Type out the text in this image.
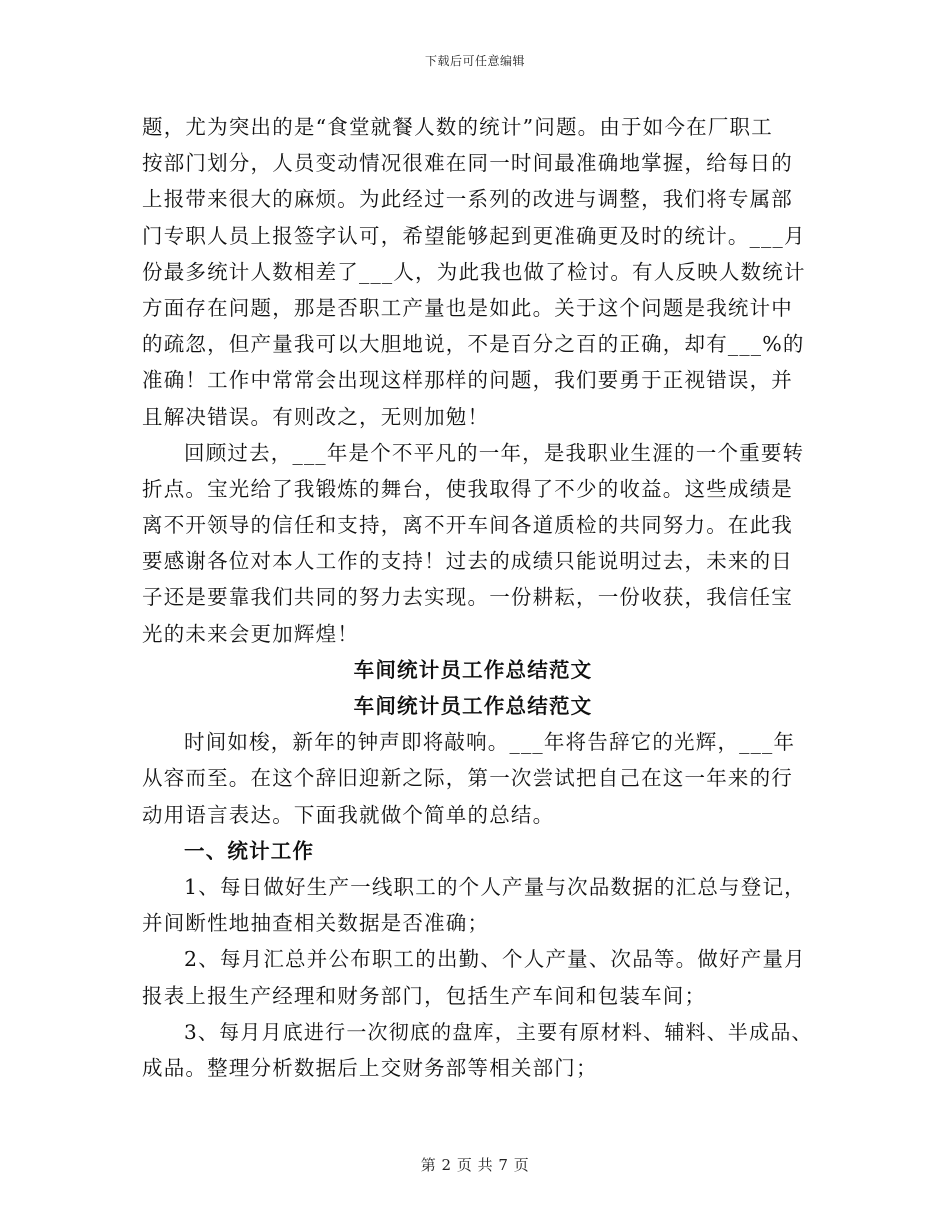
下载后可任意编辑
题，尤为突出的是“食堂就餐人数的统计”问题。由于如今在厂职工
按部门划分，人员变动情况很难在同一时间最准确地掌握，给每日的
上报带来很大的麻烦。为此经过一系列的改进与调整，我们将专属部
门专职人员上报签字认可，希望能够起到更准确更及时的统计。___月
份最多统计人数相差了___人，为此我也做了检讨。有人反映人数统计
方面存在问题，那是否职工产量也是如此。关于这个问题是我统计中
的疏忽，但产量我可以大胆地说，不是百分之百的正确，却有___%的
准确！工作中常常会出现这样那样的问题，我们要勇于正视错误，并
且解决错误。有则改之，无则加勉！
回顾过去，___年是个不平凡的一年，是我职业生涯的一个重要转
折点。宝光给了我锻炼的舞台，使我取得了不少的收益。这些成绩是
离不开领导的信任和支持，离不开车间各道质检的共同努力。在此我
要感谢各位对本人工作的支持！过去的成绩只能说明过去，未来的日
子还是要靠我们共同的努力去实现。一份耕耘，一份收获，我信任宝
光的未来会更加辉煌！
车间统计员工作总结范文
车间统计员工作总结范文
时间如梭，新年的钟声即将敲响。___年将告辞它的光辉，___年
从容而至。在这个辞旧迎新之际，第一次尝试把自己在这一年来的行
动用语言表达。下面我就做个简单的总结。
一、统计工作
1、每日做好生产一线职工的个人产量与次品数据的汇总与登记，
并间断性地抽查相关数据是否准确；
2、每月汇总并公布职工的出勤、个人产量、次品等。做好产量月
报表上报生产经理和财务部门，包括生产车间和包装车间；
3、每月月底进行一次彻底的盘库，主要有原材料、辅料、半成品、
成品。整理分析数据后上交财务部等相关部门；
第 2 页 共 7 页
